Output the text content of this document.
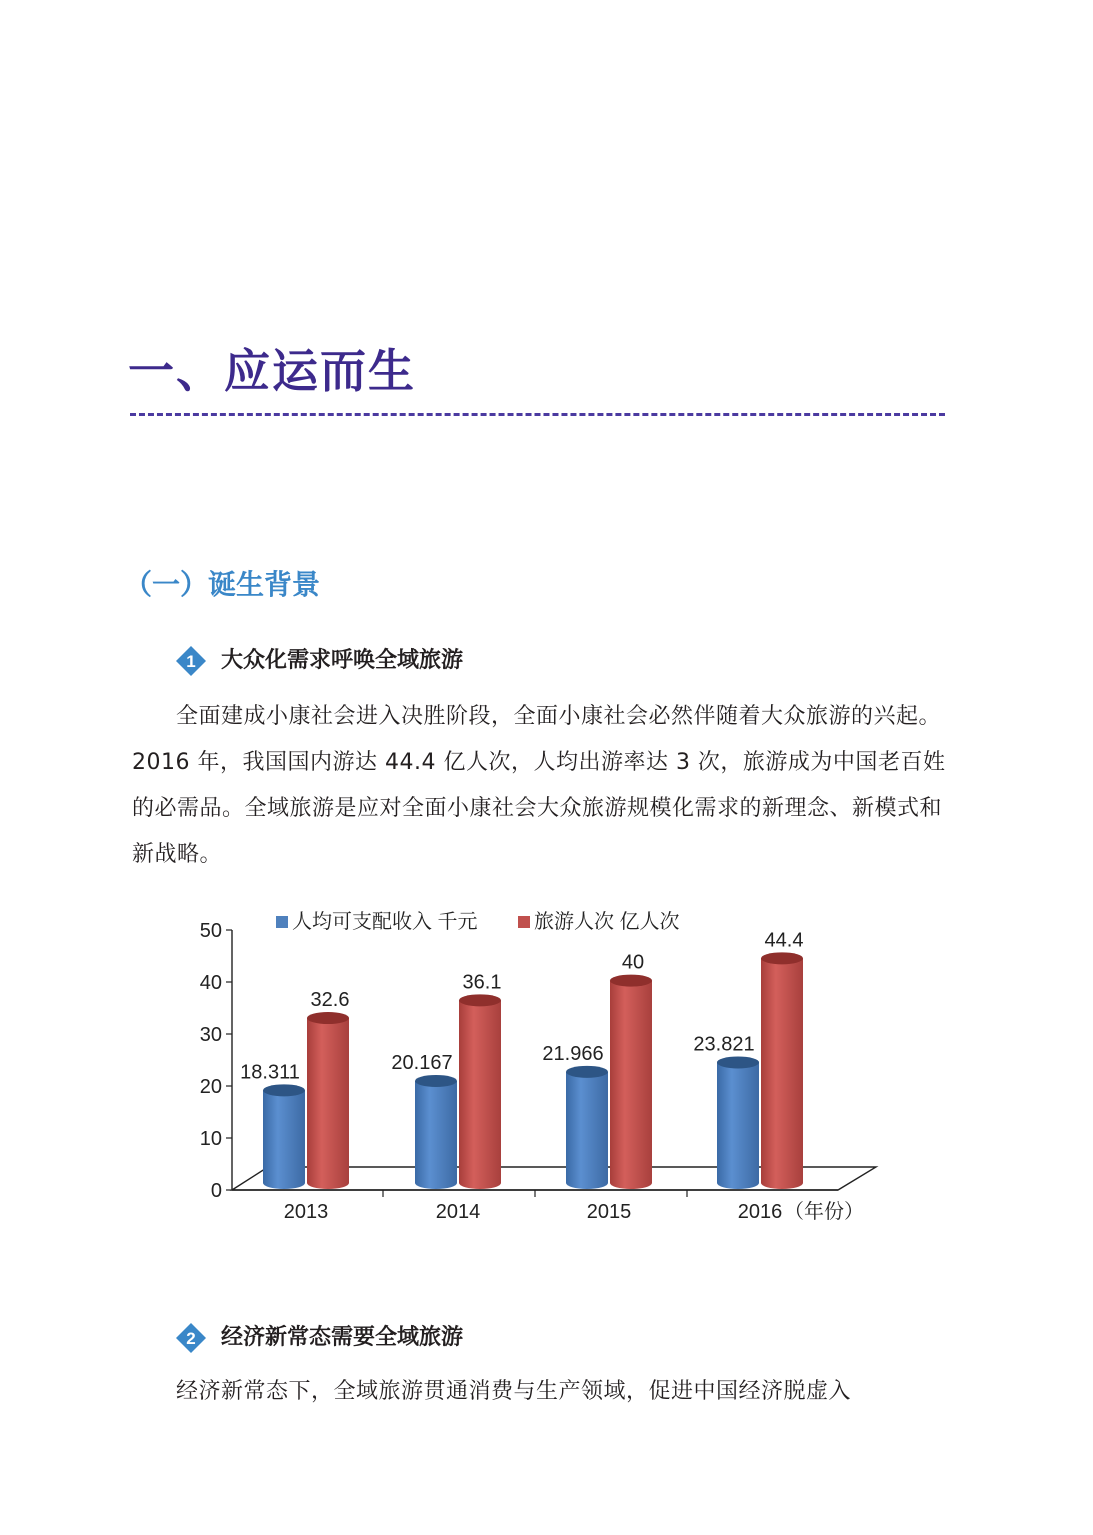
一、应运而生
（一）诞生背景
1 大众化需求呼唤全域旅游

全面建成小康社会进入决胜阶段，全面小康社会必然伴随着大众旅游的兴起。2016 年，我国国内游达 44.4 亿人次，人均出游率达 3 次，旅游成为中国老百姓的必需品。全域旅游是应对全面小康社会大众旅游规模化需求的新理念、新模式和新战略。

0
10
20
30
40
50
2013	2014	2015	2016 （年份）
18.311
32.6
20.167
36.1
21.966
40
23.821
44.4
人均可支配收入 千元	旅游人次 亿人次
2 经济新常态需要全域旅游

经济新常态下，全域旅游贯通消费与生产领域，促进中国经济脱虚入
